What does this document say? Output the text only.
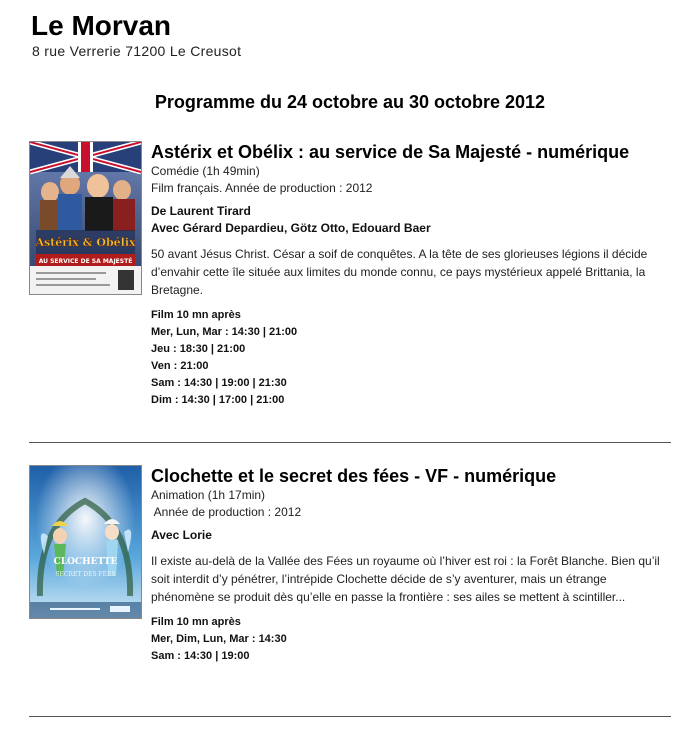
Le Morvan
8 rue Verrerie 71200 Le Creusot
Programme du 24 octobre au 30 octobre 2012
Astérix & Obélix
AU SERVICE DE SA MAJESTÉ
Astérix et Obélix : au service de Sa Majesté - numérique
Comédie (1h 49min)
Film français. Année de production : 2012
De Laurent Tirard
Avec Gérard Depardieu, Götz Otto, Edouard Baer
50 avant Jésus Christ. César a soif de conquêtes. A la tête de ses glorieuses légions il décide d’envahir cette île située aux limites du monde connu, ce pays mystérieux appelé Brittania, la Bretagne.
Film 10 mn après
Mer, Lun, Mar : 14:30 | 21:00
Jeu : 18:30 | 21:00
Ven : 21:00
Sam : 14:30 | 19:00 | 21:30
Dim : 14:30 | 17:00 | 21:00
CLOCHETTE
SECRET DES FÉES
Clochette et le secret des fées - VF - numérique
Animation (1h 17min)
Année de production : 2012
Avec Lorie
Il existe au-delà de la Vallée des Fées un royaume où l’hiver est roi : la Forêt Blanche. Bien qu’il soit interdit d’y pénétrer, l’intrépide Clochette décide de s’y aventurer, mais un étrange phénomène se produit dès qu’elle en passe la frontière : ses ailes se mettent à scintiller...
Film 10 mn après
Mer, Dim, Lun, Mar : 14:30
Sam : 14:30 | 19:00
